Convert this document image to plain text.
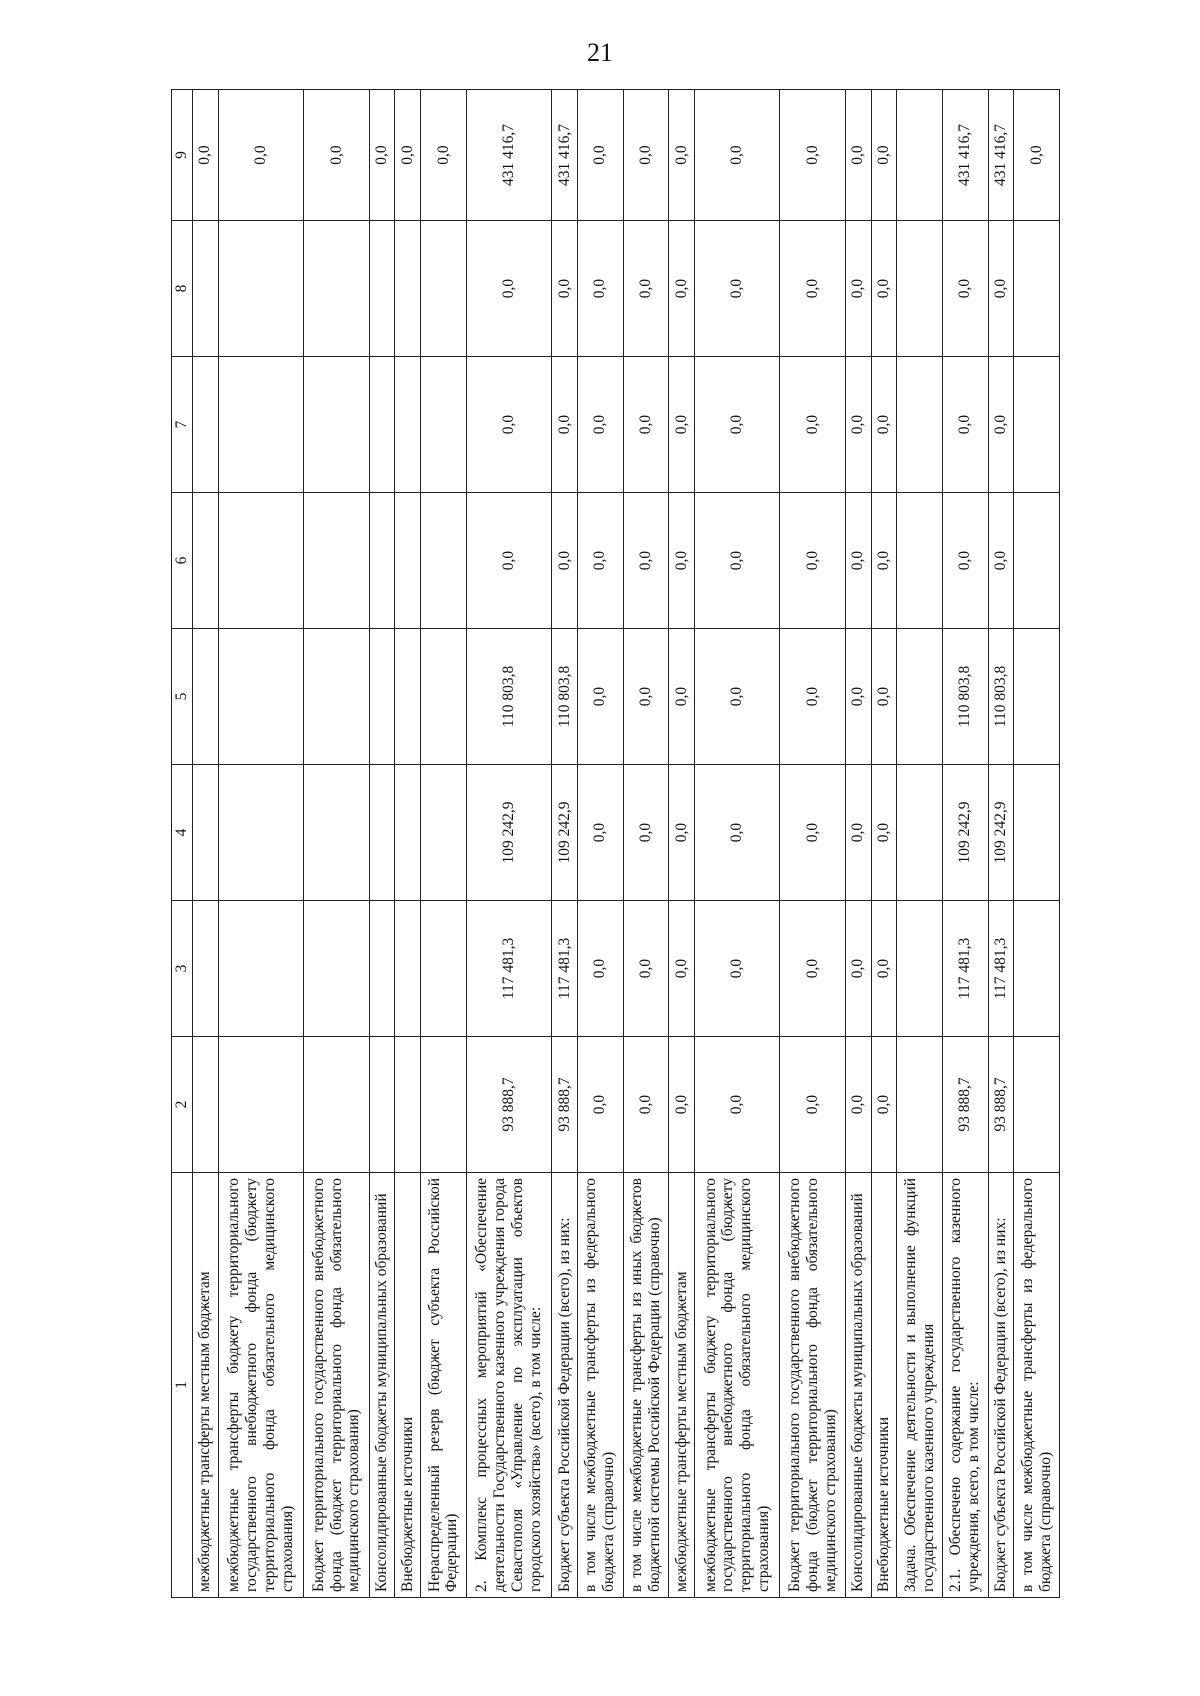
21
1	2	3	4	5	6	7	8	9
межбюджетные трансферты местным бюджетам								0,0
межбюджетные трансферты бюджету территориального государственного внебюджетного фонда (бюджету территориального фонда обязательного медицинского страхования)								0,0
Бюджет территориального государственного внебюджетного фонда (бюджет территориального фонда обязательного медицинского страхования)								0,0
Консолидированные бюджеты муниципальных образований								0,0
Внебюджетные источники								0,0
Нераспределенный резерв (бюджет субъекта Российской Федерации)								0,0
2. Комплекс процессных мероприятий «Обеспечение деятельности Государственного казенного учреждения города Севастополя «Управление по эксплуатации объектов городского хозяйства» (всего), в том числе:	93 888,7	117 481,3	109 242,9	110 803,8	0,0	0,0	0,0	431 416,7
Бюджет субъекта Российской Федерации (всего), из них:	93 888,7	117 481,3	109 242,9	110 803,8	0,0	0,0	0,0	431 416,7
в том числе межбюджетные трансферты из федерального бюджета (справочно)	0,0	0,0	0,0	0,0	0,0	0,0	0,0	0,0
в том числе межбюджетные трансферты из иных бюджетов бюджетной системы Российской Федерации (справочно)	0,0	0,0	0,0	0,0	0,0	0,0	0,0	0,0
межбюджетные трансферты местным бюджетам	0,0	0,0	0,0	0,0	0,0	0,0	0,0	0,0
межбюджетные трансферты бюджету территориального государственного внебюджетного фонда (бюджету территориального фонда обязательного медицинского страхования)	0,0	0,0	0,0	0,0	0,0	0,0	0,0	0,0
Бюджет территориального государственного внебюджетного фонда (бюджет территориального фонда обязательного медицинского страхования)	0,0	0,0	0,0	0,0	0,0	0,0	0,0	0,0
Консолидированные бюджеты муниципальных образований	0,0	0,0	0,0	0,0	0,0	0,0	0,0	0,0
Внебюджетные источники	0,0	0,0	0,0	0,0	0,0	0,0	0,0	0,0
Задача. Обеспечение деятельности и выполнение функций государственного казенного учреждения								
2.1. Обеспечено содержание государственного казенного учреждения, всего, в том числе:	93 888,7	117 481,3	109 242,9	110 803,8	0,0	0,0	0,0	431 416,7
Бюджет субъекта Российской Федерации (всего), из них:	93 888,7	117 481,3	109 242,9	110 803,8	0,0	0,0	0,0	431 416,7
в том числе межбюджетные трансферты из федерального бюджета (справочно)								0,0
